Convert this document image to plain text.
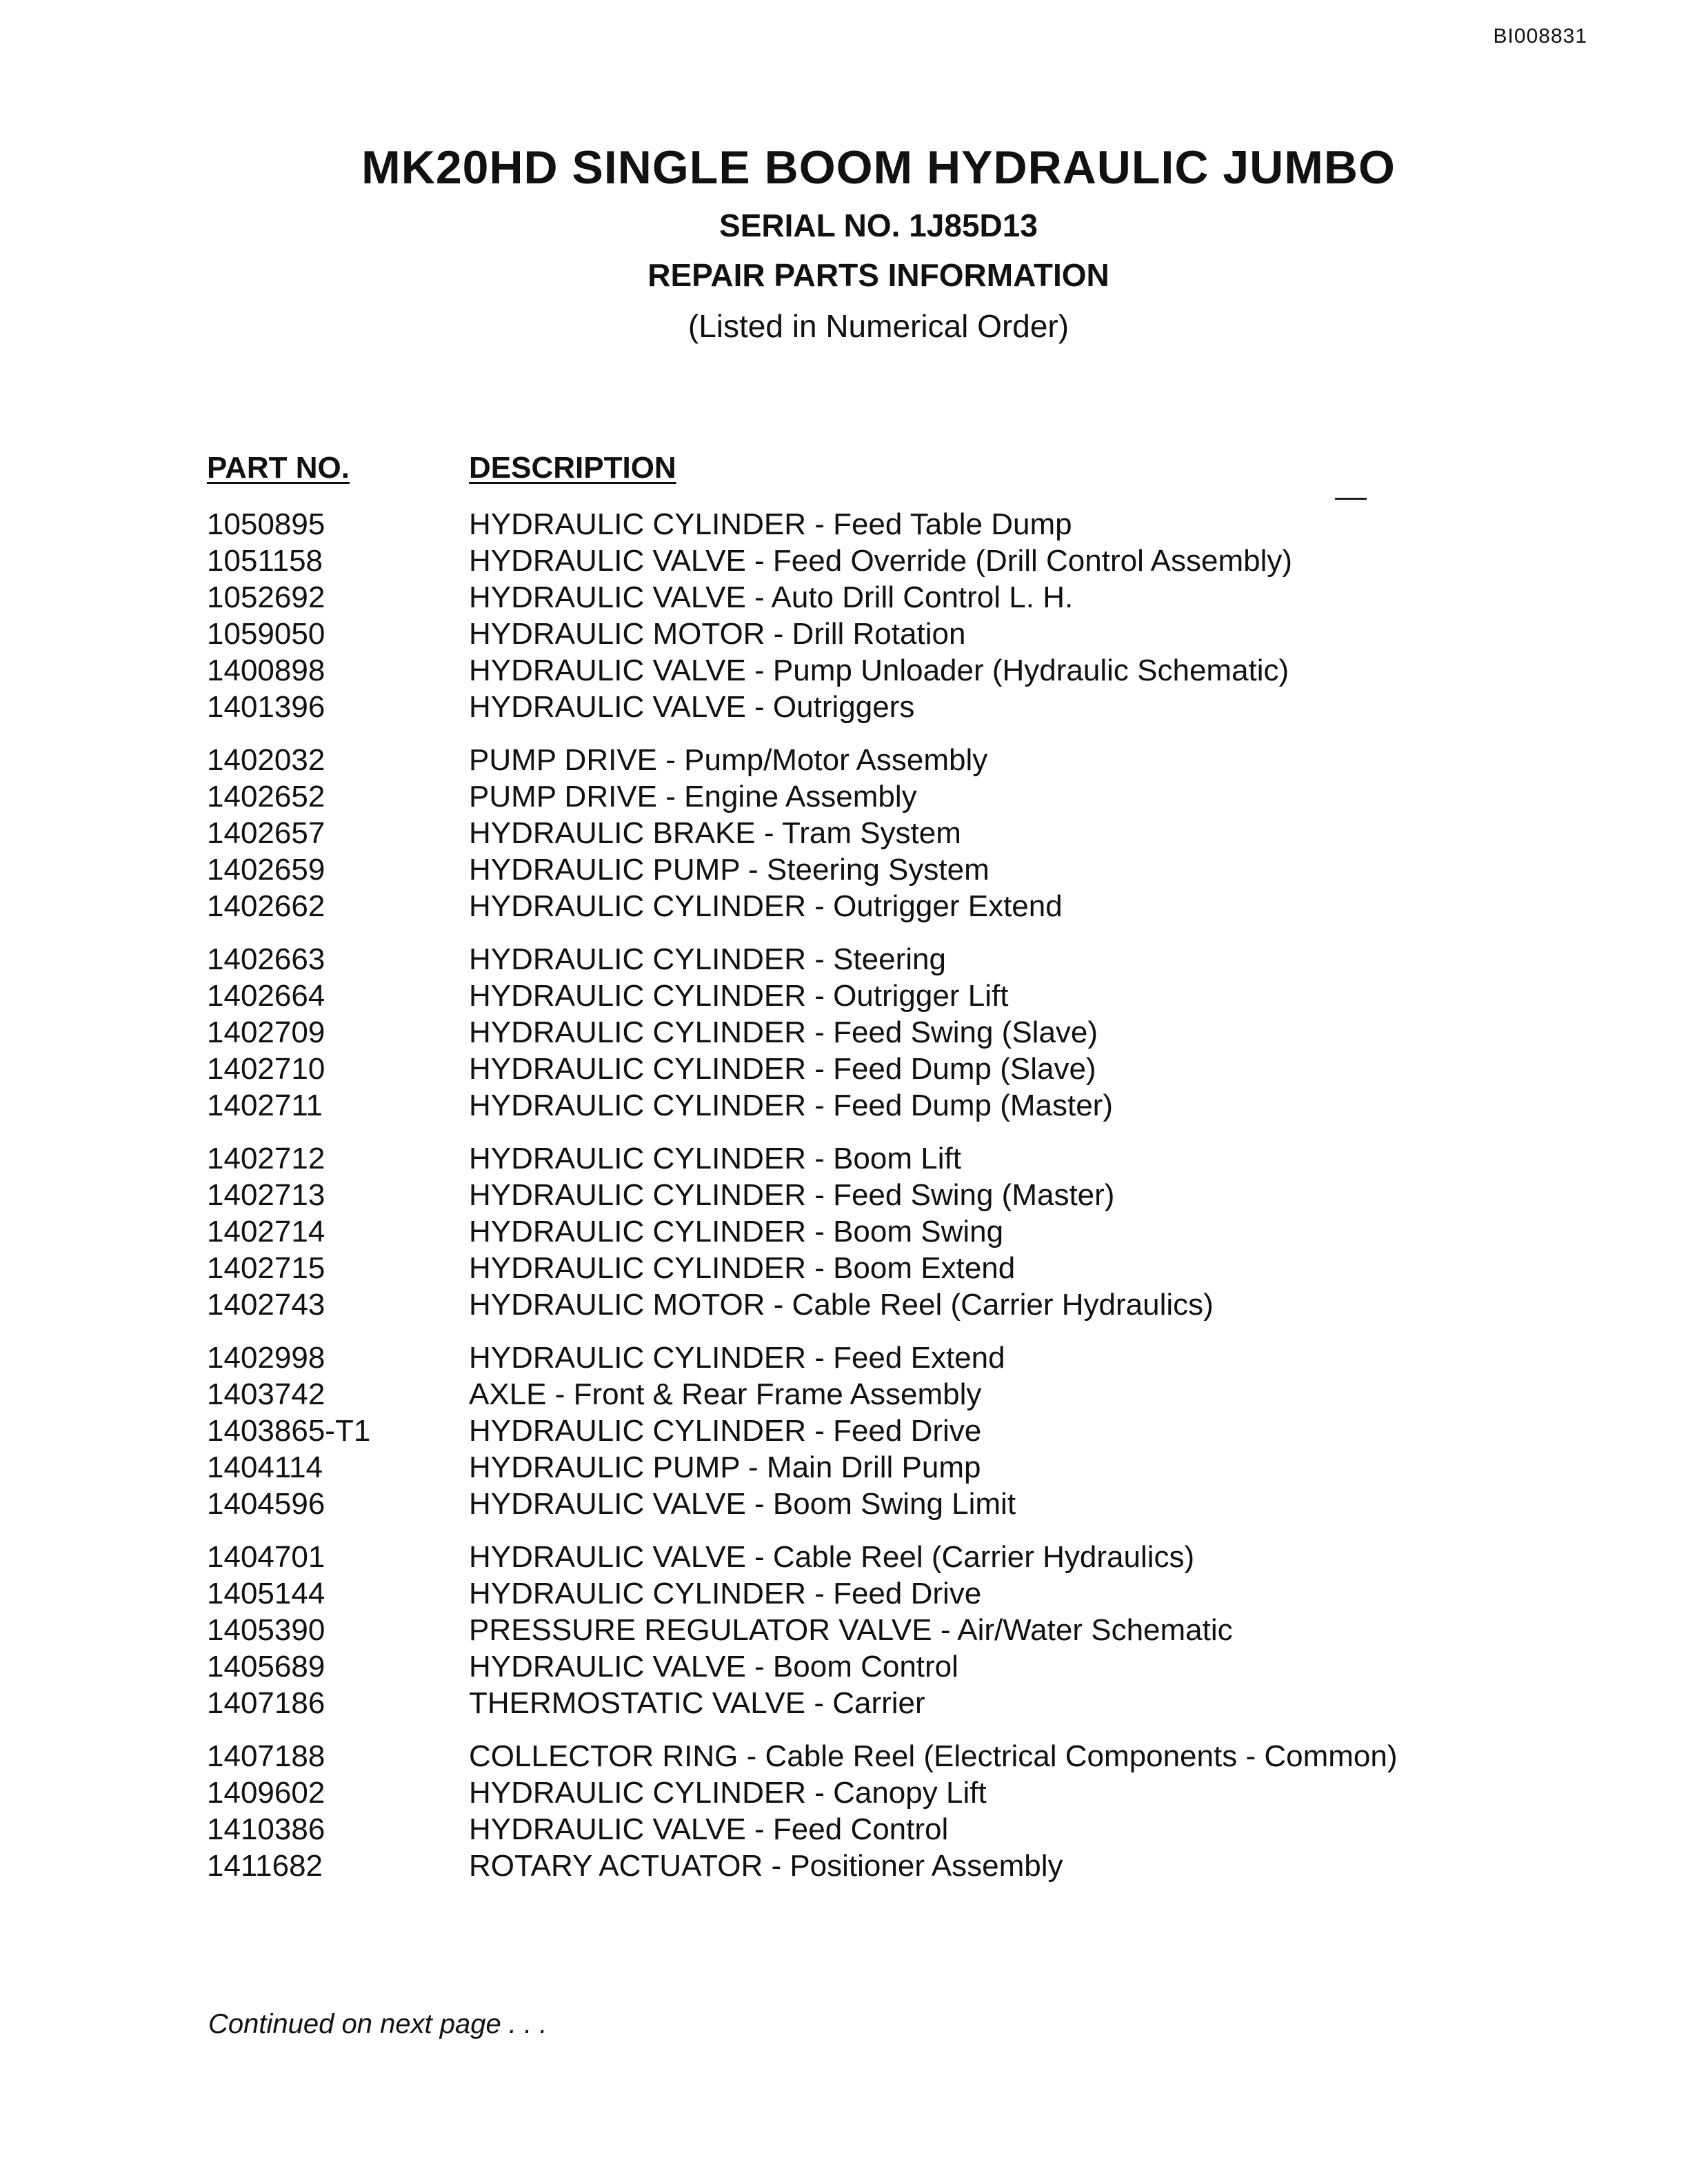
BI008831
MK20HD SINGLE BOOM HYDRAULIC JUMBO
SERIAL NO. 1J85D13
REPAIR PARTS INFORMATION
(Listed in Numerical Order)
PART NO.	DESCRIPTION
1050895	HYDRAULIC CYLINDER - Feed Table Dump
1051158	HYDRAULIC VALVE - Feed Override (Drill Control Assembly)
1052692	HYDRAULIC VALVE - Auto Drill Control L. H.
1059050	HYDRAULIC MOTOR - Drill Rotation
1400898	HYDRAULIC VALVE - Pump Unloader (Hydraulic Schematic)
1401396	HYDRAULIC VALVE - Outriggers
1402032	PUMP DRIVE - Pump/Motor Assembly
1402652	PUMP DRIVE - Engine Assembly
1402657	HYDRAULIC BRAKE - Tram System
1402659	HYDRAULIC PUMP - Steering System
1402662	HYDRAULIC CYLINDER - Outrigger Extend
1402663	HYDRAULIC CYLINDER - Steering
1402664	HYDRAULIC CYLINDER - Outrigger Lift
1402709	HYDRAULIC CYLINDER - Feed Swing (Slave)
1402710	HYDRAULIC CYLINDER - Feed Dump (Slave)
1402711	HYDRAULIC CYLINDER - Feed Dump (Master)
1402712	HYDRAULIC CYLINDER - Boom Lift
1402713	HYDRAULIC CYLINDER - Feed Swing (Master)
1402714	HYDRAULIC CYLINDER - Boom Swing
1402715	HYDRAULIC CYLINDER - Boom Extend
1402743	HYDRAULIC MOTOR - Cable Reel (Carrier Hydraulics)
1402998	HYDRAULIC CYLINDER - Feed Extend
1403742	AXLE - Front & Rear Frame Assembly
1403865-T1	HYDRAULIC CYLINDER - Feed Drive
1404114	HYDRAULIC PUMP - Main Drill Pump
1404596	HYDRAULIC VALVE - Boom Swing Limit
1404701	HYDRAULIC VALVE - Cable Reel (Carrier Hydraulics)
1405144	HYDRAULIC CYLINDER - Feed Drive
1405390	PRESSURE REGULATOR VALVE - Air/Water Schematic
1405689	HYDRAULIC VALVE - Boom Control
1407186	THERMOSTATIC VALVE - Carrier
1407188	COLLECTOR RING - Cable Reel (Electrical Components - Common)
1409602	HYDRAULIC CYLINDER - Canopy Lift
1410386	HYDRAULIC VALVE - Feed Control
1411682	ROTARY ACTUATOR - Positioner Assembly
Continued on next page . . .
